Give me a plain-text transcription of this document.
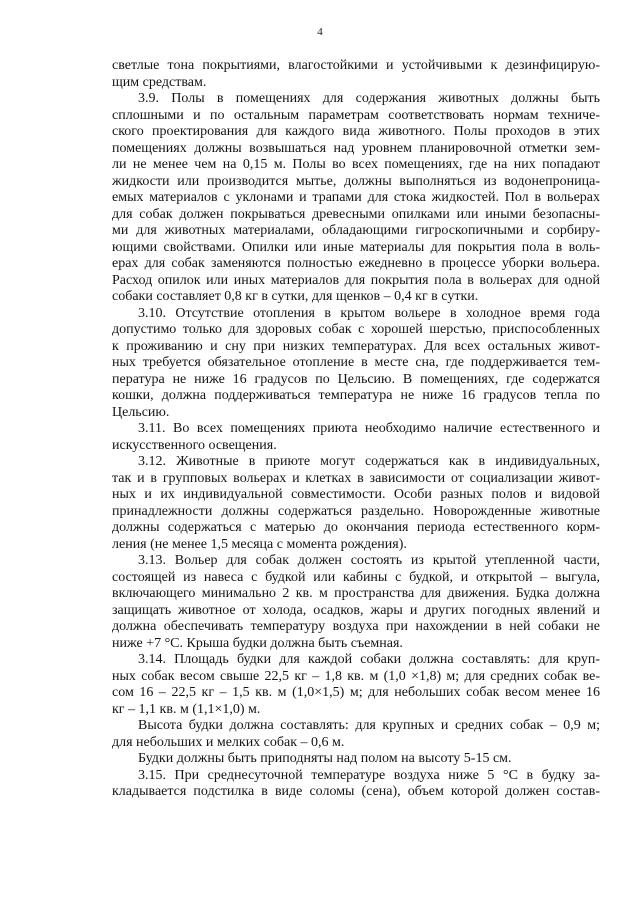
4
светлые тона покрытиями, влагостойкими и устойчивыми к дезинфицирую-
щим средствам.
3.9. Полы в помещениях для содержания животных должны быть
сплошными и по остальным параметрам соответствовать нормам техниче-
ского проектирования для каждого вида животного. Полы проходов в этих
помещениях должны возвышаться над уровнем планировочной отметки зем-
ли не менее чем на 0,15 м. Полы во всех помещениях, где на них попадают
жидкости или производится мытье, должны выполняться из водонепроница-
емых материалов с уклонами и трапами для стока жидкостей. Пол в вольерах
для собак должен покрываться древесными опилками или иными безопасны-
ми для животных материалами, обладающими гигроскопичными и сорбиру-
ющими свойствами. Опилки или иные материалы для покрытия пола в воль-
ерах для собак заменяются полностью ежедневно в процессе уборки вольера.
Расход опилок или иных материалов для покрытия пола в вольерах для одной
собаки составляет 0,8 кг в сутки, для щенков – 0,4 кг в сутки.
3.10. Отсутствие отопления в крытом вольере в холодное время года
допустимо только для здоровых собак с хорошей шерстью, приспособленных
к проживанию и сну при низких температурах. Для всех остальных живот-
ных требуется обязательное отопление в месте сна, где поддерживается тем-
пература не ниже 16 градусов по Цельсию. В помещениях, где содержатся
кошки, должна поддерживаться температура не ниже 16 градусов тепла по
Цельсию.
3.11. Во всех помещениях приюта необходимо наличие естественного и
искусственного освещения.
3.12. Животные в приюте могут содержаться как в индивидуальных,
так и в групповых вольерах и клетках в зависимости от социализации живот-
ных и их индивидуальной совместимости. Особи разных полов и видовой
принадлежности должны содержаться раздельно. Новорожденные животные
должны содержаться с матерью до окончания периода естественного корм-
ления (не менее 1,5 месяца с момента рождения).
3.13. Вольер для собак должен состоять из крытой утепленной части,
состоящей из навеса с будкой или кабины с будкой, и открытой – выгула,
включающего минимально 2 кв. м пространства для движения. Будка должна
защищать животное от холода, осадков, жары и других погодных явлений и
должна обеспечивать температуру воздуха при нахождении в ней собаки не
ниже +7 °С. Крыша будки должна быть съемная.
3.14. Площадь будки для каждой собаки должна составлять: для круп-
ных собак весом свыше 22,5 кг – 1,8 кв. м (1,0 ×1,8) м; для средних собак ве-
сом 16 – 22,5 кг – 1,5 кв. м (1,0×1,5) м; для небольших собак весом менее 16
кг – 1,1 кв. м (1,1×1,0) м.
Высота будки должна составлять: для крупных и средних собак – 0,9 м;
для небольших и мелких собак – 0,6 м.
Будки должны быть приподняты над полом на высоту 5-15 см.
3.15. При среднесуточной температуре воздуха ниже 5 °С в будку за-
кладывается подстилка в виде соломы (сена), объем которой должен состав-
